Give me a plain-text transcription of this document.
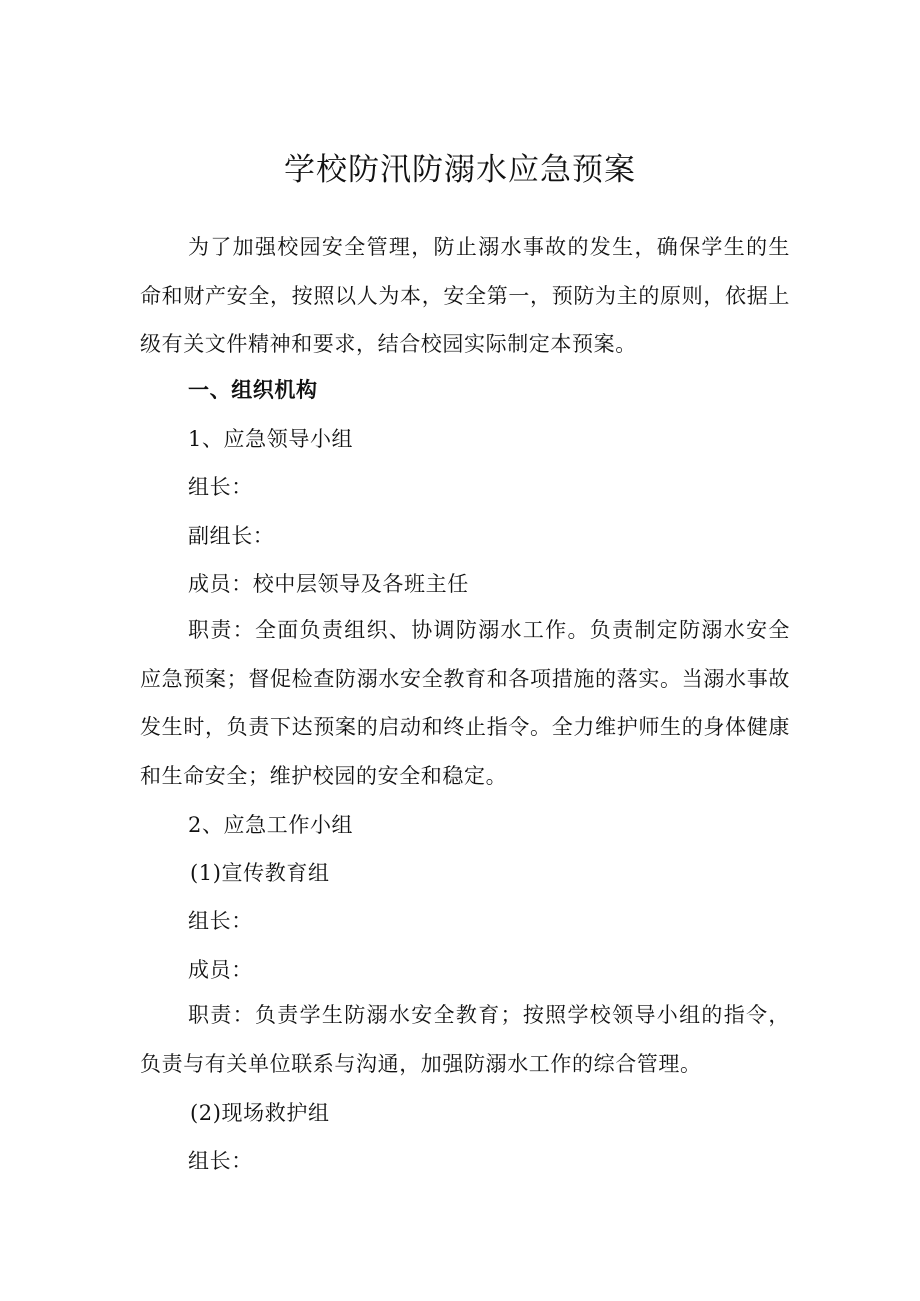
学校防汛防溺水应急预案
为了加强校园安全管理，防止溺水事故的发生，确保学生的生命和财产安全，按照以人为本，安全第一，预防为主的原则，依据上级有关文件精神和要求，结合校园实际制定本预案。
一、组织机构
1、应急领导小组
组长：
副组长：
成员：校中层领导及各班主任
职责：全面负责组织、协调防溺水工作。负责制定防溺水安全应急预案；督促检查防溺水安全教育和各项措施的落实。当溺水事故发生时，负责下达预案的启动和终止指令。全力维护师生的身体健康和生命安全；维护校园的安全和稳定。
2、应急工作小组
(1)宣传教育组
组长：
成员：
职责：负责学生防溺水安全教育；按照学校领导小组的指令，负责与有关单位联系与沟通，加强防溺水工作的综合管理。
(2)现场救护组
组长：
